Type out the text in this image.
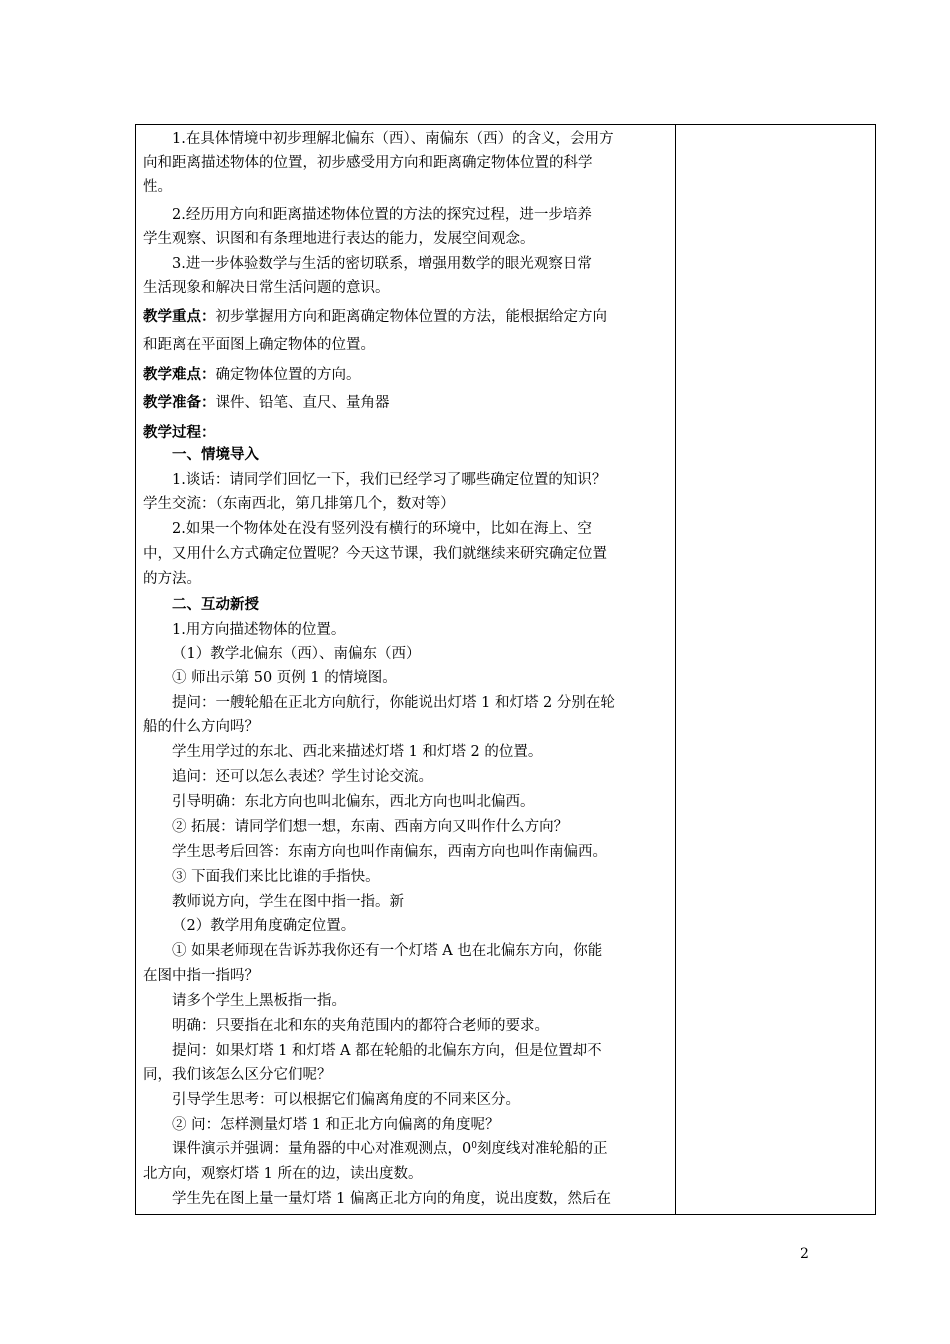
1.在具体情境中初步理解北偏东（西）、南偏东（西）的含义，会用方
向和距离描述物体的位置，初步感受用方向和距离确定物体位置的科学
性。
2.经历用方向和距离描述物体位置的方法的探究过程，进一步培养
学生观察、识图和有条理地进行表达的能力，发展空间观念。
3.进一步体验数学与生活的密切联系，增强用数学的眼光观察日常
生活现象和解决日常生活问题的意识。
教学重点：初步掌握用方向和距离确定物体位置的方法，能根据给定方向
和距离在平面图上确定物体的位置。
教学难点：确定物体位置的方向。
教学准备：课件、铅笔、直尺、量角器
教学过程：
一、情境导入
1.谈话：请同学们回忆一下，我们已经学习了哪些确定位置的知识？
学生交流：（东南西北，第几排第几个，数对等）
2.如果一个物体处在没有竖列没有横行的环境中，比如在海上、空
中，又用什么方式确定位置呢？今天这节课，我们就继续来研究确定位置
的方法。
二、互动新授
1.用方向描述物体的位置。
（1）教学北偏东（西）、南偏东（西）
① 师出示第 50 页例 1 的情境图。
提问：一艘轮船在正北方向航行，你能说出灯塔 1 和灯塔 2 分别在轮
船的什么方向吗？
学生用学过的东北、西北来描述灯塔 1 和灯塔 2 的位置。
追问：还可以怎么表述？学生讨论交流。
引导明确：东北方向也叫北偏东，西北方向也叫北偏西。
② 拓展：请同学们想一想，东南、西南方向又叫作什么方向？
学生思考后回答：东南方向也叫作南偏东，西南方向也叫作南偏西。
③ 下面我们来比比谁的手指快。
教师说方向，学生在图中指一指。新
（2）教学用角度确定位置。
① 如果老师现在告诉苏我你还有一个灯塔 A 也在北偏东方向，你能
在图中指一指吗？
请多个学生上黑板指一指。
明确：只要指在北和东的夹角范围内的都符合老师的要求。
提问：如果灯塔 1 和灯塔 A 都在轮船的北偏东方向，但是位置却不
同，我们该怎么区分它们呢？
引导学生思考：可以根据它们偏离角度的不同来区分。
② 问：怎样测量灯塔 1 和正北方向偏离的角度呢？
课件演示并强调：量角器的中心对准观测点，$0^0$刻度线对准轮船的正
北方向，观察灯塔 1 所在的边，读出度数。
学生先在图上量一量灯塔 1 偏离正北方向的角度，说出度数，然后在
2
